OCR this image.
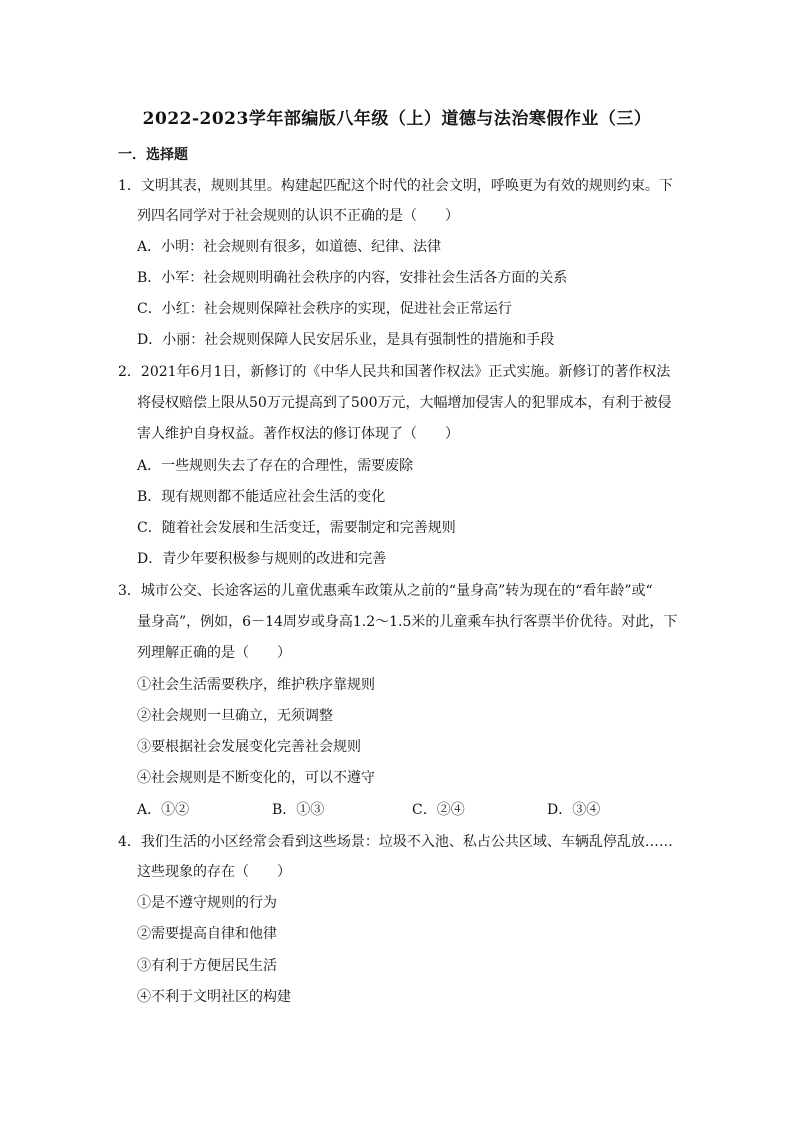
2022-2023学年部编版八年级（上）道德与法治寒假作业（三）
一．选择题
1．文明其表，规则其里。构建起匹配这个时代的社会文明，呼唤更为有效的规则约束。下
列四名同学对于社会规则的认识不正确的是（　　）
A．小明：社会规则有很多，如道德、纪律、法律
B．小军：社会规则明确社会秩序的内容，安排社会生活各方面的关系
C．小红：社会规则保障社会秩序的实现，促进社会正常运行
D．小丽：社会规则保障人民安居乐业，是具有强制性的措施和手段
2．2021年6月1日，新修订的《中华人民共和国著作权法》正式实施。新修订的著作权法
将侵权赔偿上限从50万元提高到了500万元，大幅增加侵害人的犯罪成本，有利于被侵
害人维护自身权益。著作权法的修订体现了（　　）
A．一些规则失去了存在的合理性，需要废除
B．现有规则都不能适应社会生活的变化
C．随着社会发展和生活变迁，需要制定和完善规则
D．青少年要积极参与规则的改进和完善
3．城市公交、长途客运的儿童优惠乘车政策从之前的“量身高”转为现在的“看年龄”或“
量身高”，例如，6－14周岁或身高1.2～1.5米的儿童乘车执行客票半价优待。对此，下
列理解正确的是（　　）
①社会生活需要秩序，维护秩序靠规则
②社会规则一旦确立，无须调整
③要根据社会发展变化完善社会规则
④社会规则是不断变化的，可以不遵守
A．①②	B．①③	C．②④	D．③④
4．我们生活的小区经常会看到这些场景：垃圾不入池、私占公共区域、车辆乱停乱放……
这些现象的存在（　　）
①是不遵守规则的行为
②需要提高自律和他律
③有利于方便居民生活
④不利于文明社区的构建
